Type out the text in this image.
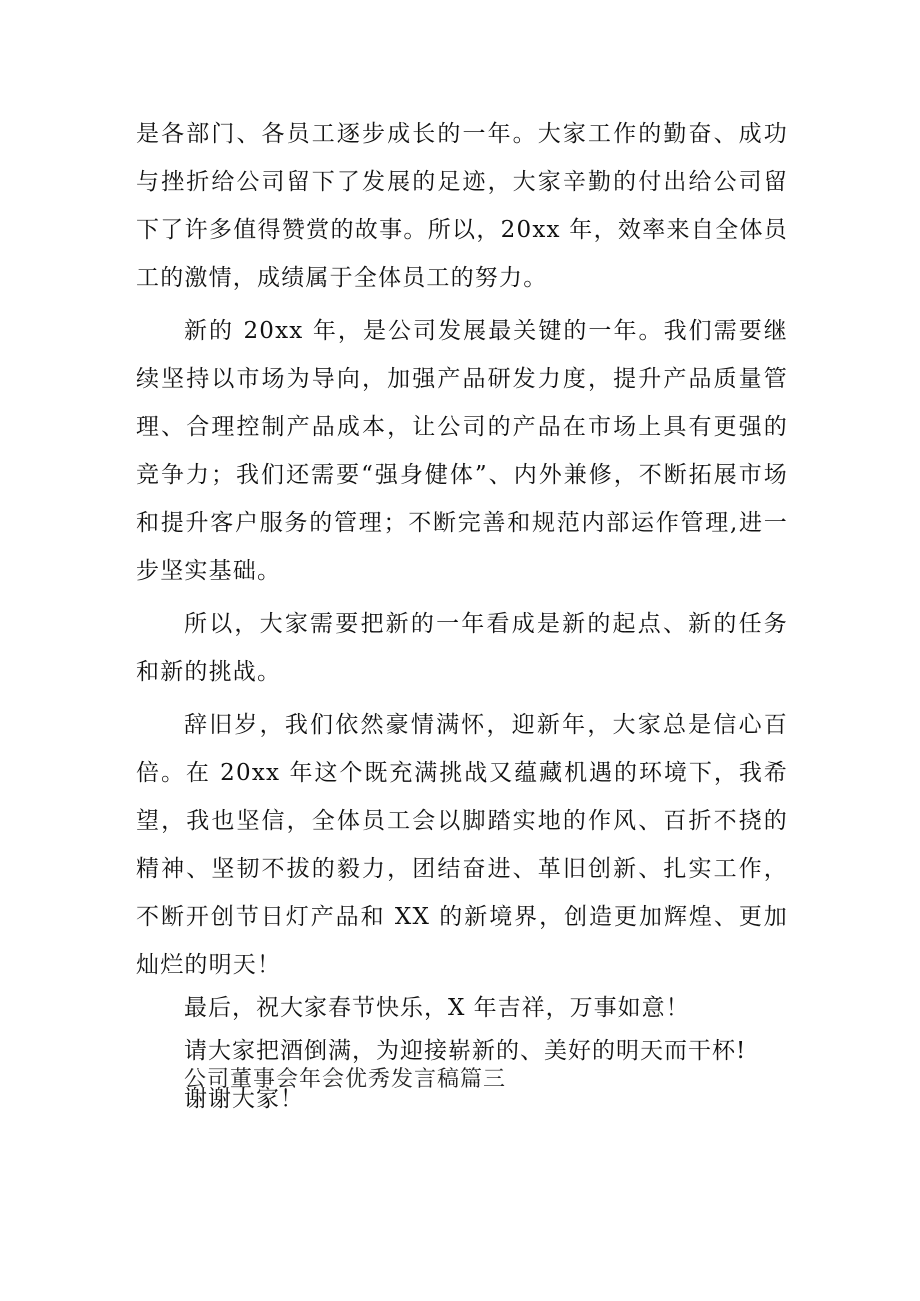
是各部门、各员工逐步成长的一年。大家工作的勤奋、成功与挫折给公司留下了发展的足迹，大家辛勤的付出给公司留下了许多值得赞赏的故事。所以，20xx 年，效率来自全体员工的激情，成绩属于全体员工的努力。

新的 20xx 年，是公司发展最关键的一年。我们需要继续坚持以市场为导向，加强产品研发力度，提升产品质量管理、合理控制产品成本，让公司的产品在市场上具有更强的竞争力；我们还需要“强身健体”、内外兼修，不断拓展市场和提升客户服务的管理；不断完善和规范内部运作管理,进一步坚实基础。

所以，大家需要把新的一年看成是新的起点、新的任务和新的挑战。

辞旧岁，我们依然豪情满怀，迎新年，大家总是信心百倍。在 20xx 年这个既充满挑战又蕴藏机遇的环境下，我希望，我也坚信，全体员工会以脚踏实地的作风、百折不挠的精神、坚韧不拔的毅力，团结奋进、革旧创新、扎实工作，不断开创节日灯产品和 XX 的新境界，创造更加辉煌、更加灿烂的明天！

最后，祝大家春节快乐，X 年吉祥，万事如意！

请大家把酒倒满，为迎接崭新的、美好的明天而干杯!

谢谢大家！

公司董事会年会优秀发言稿篇三
